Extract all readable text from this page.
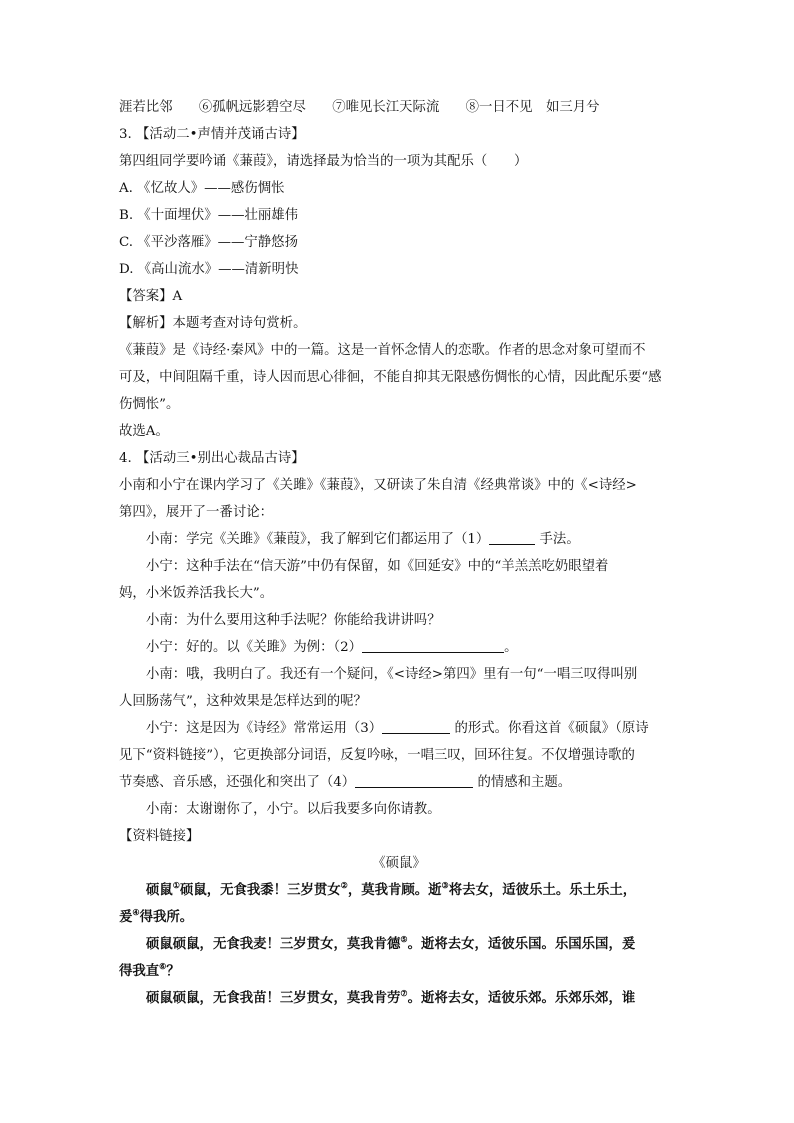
涯若比邻 ⑥孤帆远影碧空尽 ⑦唯见长江天际流 ⑧一日不见　如三月兮
3. 【活动二•声情并茂诵古诗】
第四组同学要吟诵《蒹葭》，请选择最为恰当的一项为其配乐（　　）
A. 《忆故人》——感伤惆怅
B. 《十面埋伏》——壮丽雄伟
C. 《平沙落雁》——宁静悠扬
D. 《高山流水》——清新明快
【答案】A
【解析】本题考查对诗句赏析。
《蒹葭》是《诗经·秦风》中的一篇。这是一首怀念情人的恋歌。作者的思念对象可望而不
可及，中间阻隔千重，诗人因而思心徘徊，不能自抑其无限感伤惆怅的心情，因此配乐要“感
伤惆怅”。
故选A。
4. 【活动三•别出心裁品古诗】
小南和小宁在课内学习了《关雎》《蒹葭》，又研读了朱自清《经典常谈》中的《<诗经>
第四》，展开了一番讨论：
小南：学完《关雎》《蒹葭》，我了解到它们都运用了（1）	手法。
小宁：这种手法在“信天游”中仍有保留，如《回延安》中的“羊羔羔吃奶眼望着
妈，小米饭养活我长大”。
小南：为什么要用这种手法呢？你能给我讲讲吗？
小宁：好的。以《关雎》为例：（2）	。
小南：哦，我明白了。我还有一个疑问，《<诗经>第四》里有一句“一唱三叹得叫别
人回肠荡气”，这种效果是怎样达到的呢？
小宁：这是因为《诗经》常常运用（3）	的形式。你看这首《硕鼠》（原诗
见下“资料链接”），它更换部分词语，反复吟咏，一唱三叹，回环往复。不仅增强诗歌的
节奏感、音乐感，还强化和突出了（4）	的情感和主题。
小南：太谢谢你了，小宁。以后我要多向你请教。
【资料链接】
《硕鼠》
硕鼠①硕鼠，无食我黍！三岁贯女②，莫我肯顾。逝③将去女，适彼乐土。乐土乐土，
爰④得我所。
硕鼠硕鼠，无食我麦！三岁贯女，莫我肯德⑤。逝将去女，适彼乐国。乐国乐国，爰
得我直⑥？
硕鼠硕鼠，无食我苗！三岁贯女，莫我肯劳⑦。逝将去女，适彼乐郊。乐郊乐郊，谁
